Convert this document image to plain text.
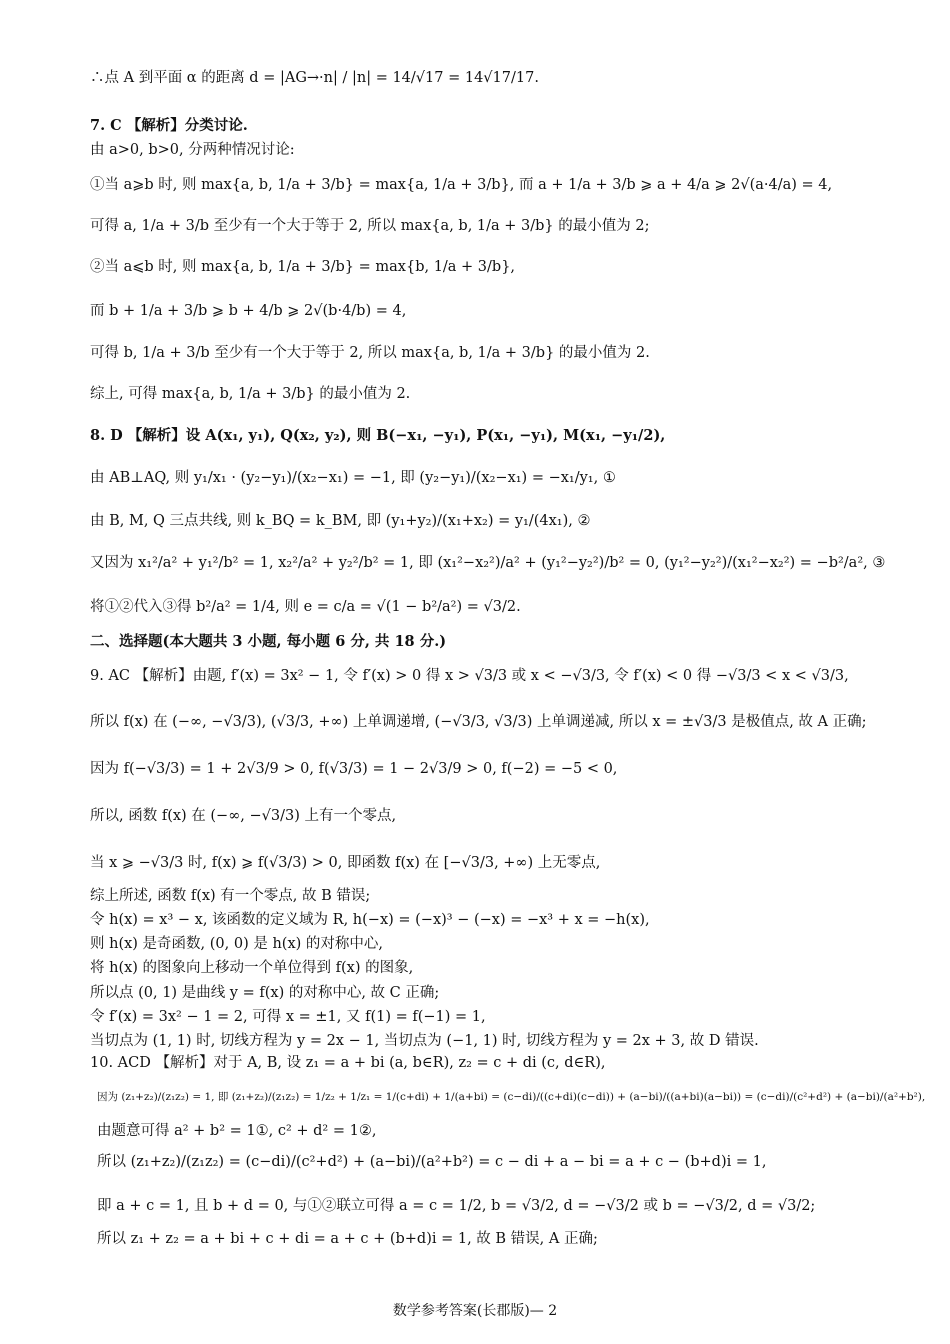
∴点 A 到平面 α 的距离 d = |AG→·n| / |n| = 14/√17 = 14√17/17.
7. C 【解析】分类讨论.
由 a>0, b>0, 分两种情况讨论:
①当 a⩾b 时, 则 max{a, b, 1/a + 3/b} = max{a, 1/a + 3/b}, 而 a + 1/a + 3/b ⩾ a + 4/a ⩾ 2√(a·4/a) = 4,
可得 a, 1/a + 3/b 至少有一个大于等于 2, 所以 max{a, b, 1/a + 3/b} 的最小值为 2;
②当 a⩽b 时, 则 max{a, b, 1/a + 3/b} = max{b, 1/a + 3/b},
而 b + 1/a + 3/b ⩾ b + 4/b ⩾ 2√(b·4/b) = 4,
可得 b, 1/a + 3/b 至少有一个大于等于 2, 所以 max{a, b, 1/a + 3/b} 的最小值为 2.
综上, 可得 max{a, b, 1/a + 3/b} 的最小值为 2.
8. D 【解析】设 A(x₁, y₁), Q(x₂, y₂), 则 B(−x₁, −y₁), P(x₁, −y₁), M(x₁, −y₁/2),
由 AB⊥AQ, 则 y₁/x₁ · (y₂−y₁)/(x₂−x₁) = −1, 即 (y₂−y₁)/(x₂−x₁) = −x₁/y₁, ①
由 B, M, Q 三点共线, 则 k_BQ = k_BM, 即 (y₁+y₂)/(x₁+x₂) = y₁/(4x₁), ②
又因为 x₁²/a² + y₁²/b² = 1, x₂²/a² + y₂²/b² = 1, 即 (x₁²−x₂²)/a² + (y₁²−y₂²)/b² = 0, (y₁²−y₂²)/(x₁²−x₂²) = −b²/a², ③
将①②代入③得 b²/a² = 1/4, 则 e = c/a = √(1 − b²/a²) = √3/2.
二、选择题(本大题共 3 小题, 每小题 6 分, 共 18 分.)
9. AC 【解析】由题, f′(x) = 3x² − 1, 令 f′(x) > 0 得 x > √3/3 或 x < −√3/3, 令 f′(x) < 0 得 −√3/3 < x < √3/3,
所以 f(x) 在 (−∞, −√3/3), (√3/3, +∞) 上单调递增, (−√3/3, √3/3) 上单调递减, 所以 x = ±√3/3 是极值点, 故 A 正确;
因为 f(−√3/3) = 1 + 2√3/9 > 0, f(√3/3) = 1 − 2√3/9 > 0, f(−2) = −5 < 0,
所以, 函数 f(x) 在 (−∞, −√3/3) 上有一个零点,
当 x ⩾ −√3/3 时, f(x) ⩾ f(√3/3) > 0, 即函数 f(x) 在 [−√3/3, +∞) 上无零点,
综上所述, 函数 f(x) 有一个零点, 故 B 错误;
令 h(x) = x³ − x, 该函数的定义域为 R, h(−x) = (−x)³ − (−x) = −x³ + x = −h(x),
则 h(x) 是奇函数, (0, 0) 是 h(x) 的对称中心,
将 h(x) 的图象向上移动一个单位得到 f(x) 的图象,
所以点 (0, 1) 是曲线 y = f(x) 的对称中心, 故 C 正确;
令 f′(x) = 3x² − 1 = 2, 可得 x = ±1, 又 f(1) = f(−1) = 1,
当切点为 (1, 1) 时, 切线方程为 y = 2x − 1, 当切点为 (−1, 1) 时, 切线方程为 y = 2x + 3, 故 D 错误.
10. ACD 【解析】对于 A, B, 设 z₁ = a + bi (a, b∈R), z₂ = c + di (c, d∈R),
因为 (z₁+z₂)/(z₁z₂) = 1, 即 (z₁+z₂)/(z₁z₂) = 1/z₂ + 1/z₁ = 1/(c+di) + 1/(a+bi) = (c−di)/((c+di)(c−di)) + (a−bi)/((a+bi)(a−bi)) = (c−di)/(c²+d²) + (a−bi)/(a²+b²),
由题意可得 a² + b² = 1①, c² + d² = 1②,
所以 (z₁+z₂)/(z₁z₂) = (c−di)/(c²+d²) + (a−bi)/(a²+b²) = c − di + a − bi = a + c − (b+d)i = 1,
即 a + c = 1, 且 b + d = 0, 与①②联立可得 a = c = 1/2, b = √3/2, d = −√3/2 或 b = −√3/2, d = √3/2;
所以 z₁ + z₂ = a + bi + c + di = a + c + (b+d)i = 1, 故 B 错误, A 正确;
数学参考答案(长郡版)— 2
